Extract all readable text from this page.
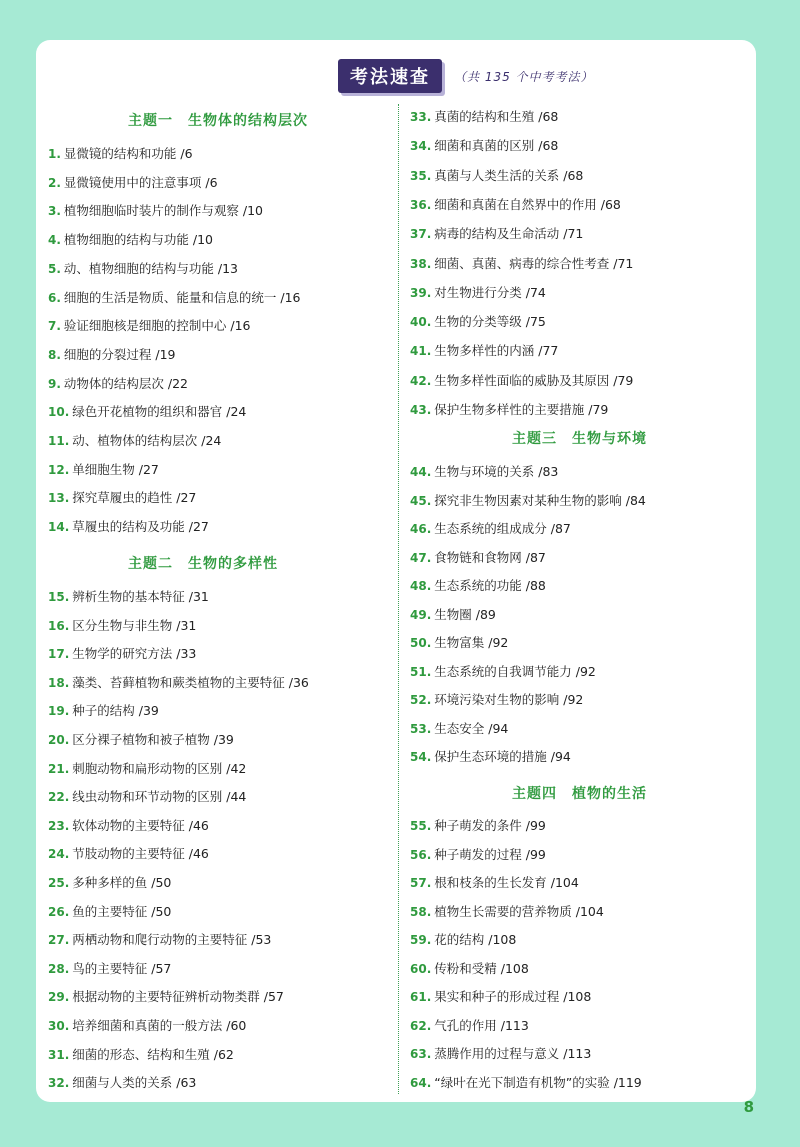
考法速查	（共 135 个中考考法）
主题一　生物体的结构层次
1. 显微镜的结构和功能 /6
2. 显微镜使用中的注意事项 /6
3. 植物细胞临时装片的制作与观察 /10
4. 植物细胞的结构与功能 /10
5. 动、植物细胞的结构与功能 /13
6. 细胞的生活是物质、能量和信息的统一 /16
7. 验证细胞核是细胞的控制中心 /16
8. 细胞的分裂过程 /19
9. 动物体的结构层次 /22
10. 绿色开花植物的组织和器官 /24
11. 动、植物体的结构层次 /24
12. 单细胞生物 /27
13. 探究草履虫的趋性 /27
14. 草履虫的结构及功能 /27
主题二　生物的多样性
15. 辨析生物的基本特征 /31
16. 区分生物与非生物 /31
17. 生物学的研究方法 /33
18. 藻类、苔藓植物和蕨类植物的主要特征 /36
19. 种子的结构 /39
20. 区分裸子植物和被子植物 /39
21. 刺胞动物和扁形动物的区别 /42
22. 线虫动物和环节动物的区别 /44
23. 软体动物的主要特征 /46
24. 节肢动物的主要特征 /46
25. 多种多样的鱼 /50
26. 鱼的主要特征 /50
27. 两栖动物和爬行动物的主要特征 /53
28. 鸟的主要特征 /57
29. 根据动物的主要特征辨析动物类群 /57
30. 培养细菌和真菌的一般方法 /60
31. 细菌的形态、结构和生殖 /62
32. 细菌与人类的关系 /63
33. 真菌的结构和生殖 /68
34. 细菌和真菌的区别 /68
35. 真菌与人类生活的关系 /68
36. 细菌和真菌在自然界中的作用 /68
37. 病毒的结构及生命活动 /71
38. 细菌、真菌、病毒的综合性考查 /71
39. 对生物进行分类 /74
40. 生物的分类等级 /75
41. 生物多样性的内涵 /77
42. 生物多样性面临的威胁及其原因 /79
43. 保护生物多样性的主要措施 /79
主题三　生物与环境
44. 生物与环境的关系 /83
45. 探究非生物因素对某种生物的影响 /84
46. 生态系统的组成成分 /87
47. 食物链和食物网 /87
48. 生态系统的功能 /88
49. 生物圈 /89
50. 生物富集 /92
51. 生态系统的自我调节能力 /92
52. 环境污染对生物的影响 /92
53. 生态安全 /94
54. 保护生态环境的措施 /94
主题四　植物的生活
55. 种子萌发的条件 /99
56. 种子萌发的过程 /99
57. 根和枝条的生长发育 /104
58. 植物生长需要的营养物质 /104
59. 花的结构 /108
60. 传粉和受精 /108
61. 果实和种子的形成过程 /108
62. 气孔的作用 /113
63. 蒸腾作用的过程与意义 /113
64. “绿叶在光下制造有机物”的实验 /119
8
